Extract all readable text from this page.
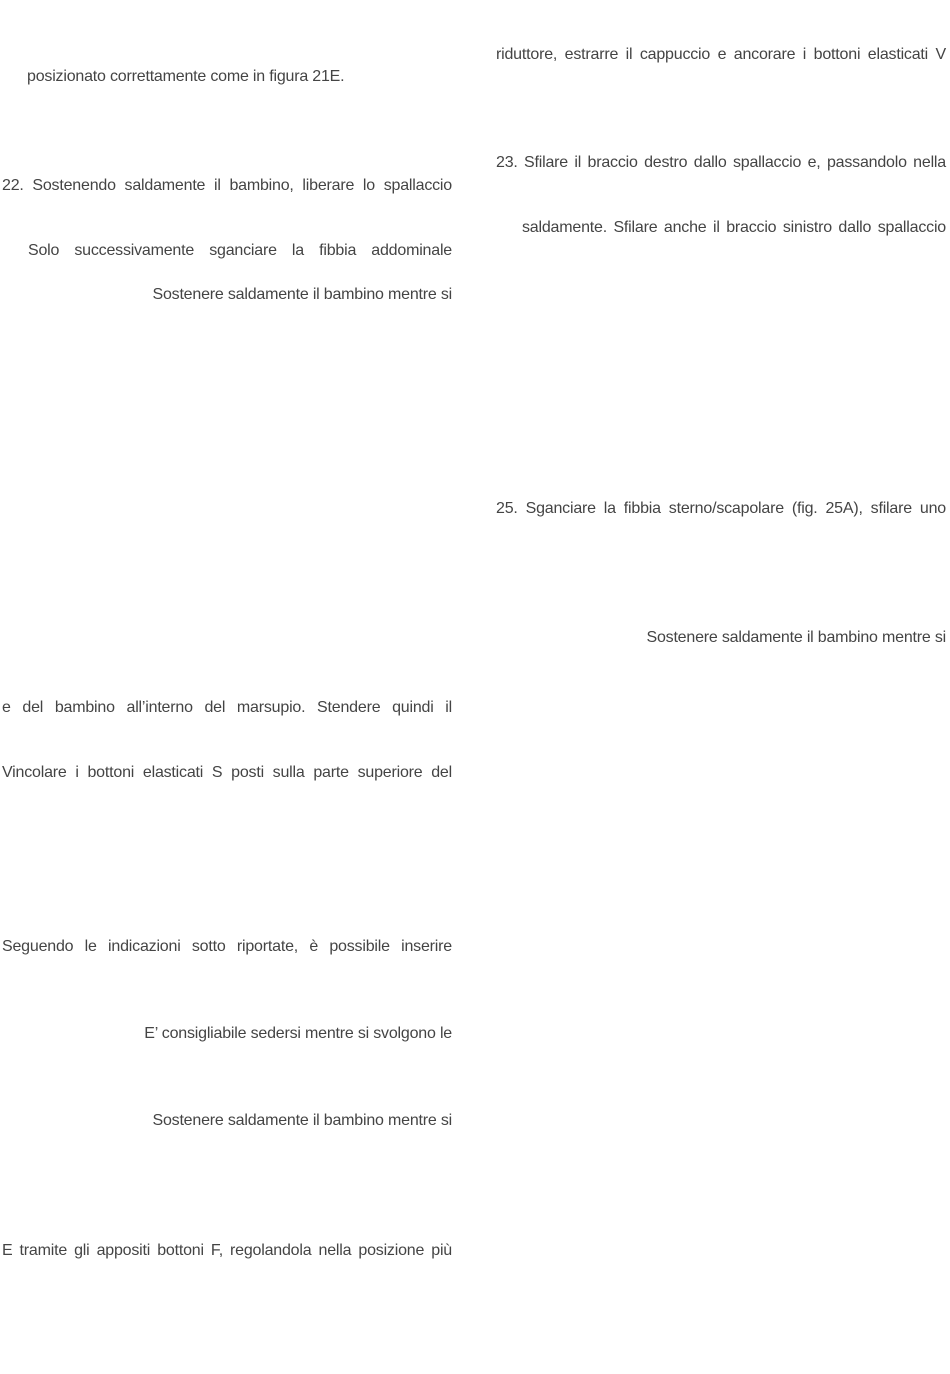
posizionato correttamente come in figura 21E.
22. Sostenendo saldamente il bambino, liberare lo spallaccio
Solo successivamente sganciare la fibbia addominale
Sostenere saldamente il bambino mentre si
e del bambino all’interno del marsupio. Stendere quindi il
Vincolare i bottoni elasticati S posti sulla parte superiore del
Seguendo le indicazioni sotto riportate, è possibile inserire
E’ consigliabile sedersi mentre si svolgono le
Sostenere saldamente il bambino mentre si
E tramite gli appositi bottoni F, regolandola nella posizione più
riduttore, estrarre il cappuccio e ancorare i bottoni elasticati V
23. Sfilare il braccio destro dallo spallaccio e, passandolo nella
saldamente. Sfilare anche il braccio sinistro dallo spallaccio
25. Sganciare la fibbia sterno/scapolare (fig. 25A), sfilare uno
Sostenere saldamente il bambino mentre si
